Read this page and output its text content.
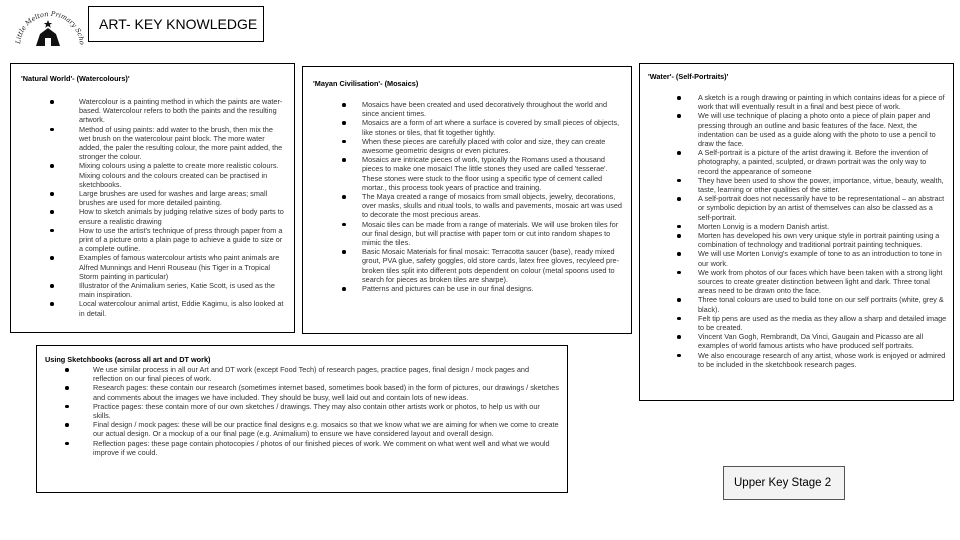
Little Melton Primary Scho
ART- KEY KNOWLEDGE
'Natural World'- (Watercolours)'
Watercolour is a painting method in which the paints are water-based. Watercolour refers to both the paints and the resulting artwork.
Method of using paints: add water to the brush, then mix the wet brush on the watercolour paint block. The more water added, the paler the resulting colour, the more paint added, the stronger the colour.
Mixing colours using a palette to create more realistic colours. Mixing colours and the colours created can be practised in sketchbooks.
Large brushes are used for washes and large areas; small brushes are used for more detailed painting.
How to sketch animals by judging relative sizes of body parts to ensure a realistic drawing
How to use the artist's technique of press through paper from a print of a picture onto a plain page to achieve a guide to size or a complete outline.
Examples of famous watercolour artists who paint animals are Alfred Munnings and Henri Rouseau (his Tiger in a Tropical Storm painting in particular)
Illustrator of the Animalium series, Katie Scott, is used as the main inspiration.
Local watercolour animal artist, Eddie Kagimu, is also looked at in detail.
'Mayan Civilisation'- (Mosaics)
Mosaics have been created and used decoratively throughout the world and since ancient times.
Mosaics are a form of art where a surface is covered by small pieces of objects, like stones or tiles, that fit together tightly.
When these pieces are carefully placed with color and size, they can create awesome geometric designs or even pictures.
Mosaics are intricate pieces of work, typically the Romans used a thousand pieces to make one mosaic! The little stones they used are called 'tesserae'. These stones were stuck to the floor using a specific type of cement called mortar., this process took years of practice and training.
The Maya created a range of mosaics from small objects, jewelry, decorations, over masks, skulls and ritual tools, to walls and pavements, mosaic art was used to decorate the most precious areas.
Mosaic tiles can be made from a range of materials. We will use broken tiles for our final design, but will practise with paper torn or cut into random shapes to mimic the tiles.
Basic Mosaic Materials for final mosaic: Terracotta saucer (base), ready mixed grout, PVA glue, safety goggles, old store cards, latex free gloves, recyleed pre-broken tiles split into different pots dependent on colour (metal spoons used to search for pieces as broken tiles are sharpe).
Patterns and pictures can be use in our final designs.
'Water'- (Self-Portraits)'
A sketch is a rough drawing or painting in which contains ideas for a piece of work that will eventually result in a final and best piece of work.
We will use technique of placing a photo onto a piece of plain paper and pressing through an outline and basic features of the face. Next, the indentation can be used as a guide along with the photo to use a pencil to draw the face.
A Self-portrait is a picture of the artist drawing it. Before the invention of photography, a painted, sculpted, or drawn portrait was the only way to record the appearance of someone
They have been used to show the power, importance, virtue, beauty, wealth, taste, learning or other qualities of the sitter.
A self-portrait does not necessarily have to be representational – an abstract or symbolic depiction by an artist of themselves can also be classed as a self-portrait.
Morten Lonvig is a modern Danish artist.
Morten has developed his own very unique style in portrait painting using a combination of technology and traditional portrait painting techniques.
We will use Morten Lonvig's example of tone to as an introduction to tone in our work.
We work from photos of our faces which have been taken with a strong light sources to create greater distinction between light and dark. Three tonal areas need to be drawn onto the face.
Three tonal colours are used to build tone on our self portraits (white, grey & black).
Felt tip pens are used as the media as they allow a sharp and detailed image to be created.
Vincent Van Gogh, Rembrandt, Da Vinci, Gaugain and Picasso are all examples of world famous artists who have produced self portraits.
We also encourage research of any artist, whose work is enjoyed or admired to be included in the sketchbook research pages.
Using Sketchbooks (across all art and DT work)
We use similar process in all our Art and DT work (except Food Tech) of research pages, practice pages, final design / mock pages and reflection on our final pieces of work.
Research pages: these contain our research (sometimes internet based, sometimes book based) in the form of pictures, our drawings / sketches and comments about the images we have included. They should be busy, well laid out and contain lots of new ideas.
Practice pages: these contain more of our own sketches / drawings. They may also contain other artists work or photos, to help us with our skills.
Final design / mock pages: these will be our practice final designs e.g. mosaics so that we know what we are aiming for when we come to create our actual design. Or a mockup of a our final page (e.g. Animalium) to ensure we have considered layout and overall design.
Reflection pages: these page contain photocopies / photos of our finished pieces of work. We comment on what went well and what we would improve if we could.
Upper Key Stage 2
